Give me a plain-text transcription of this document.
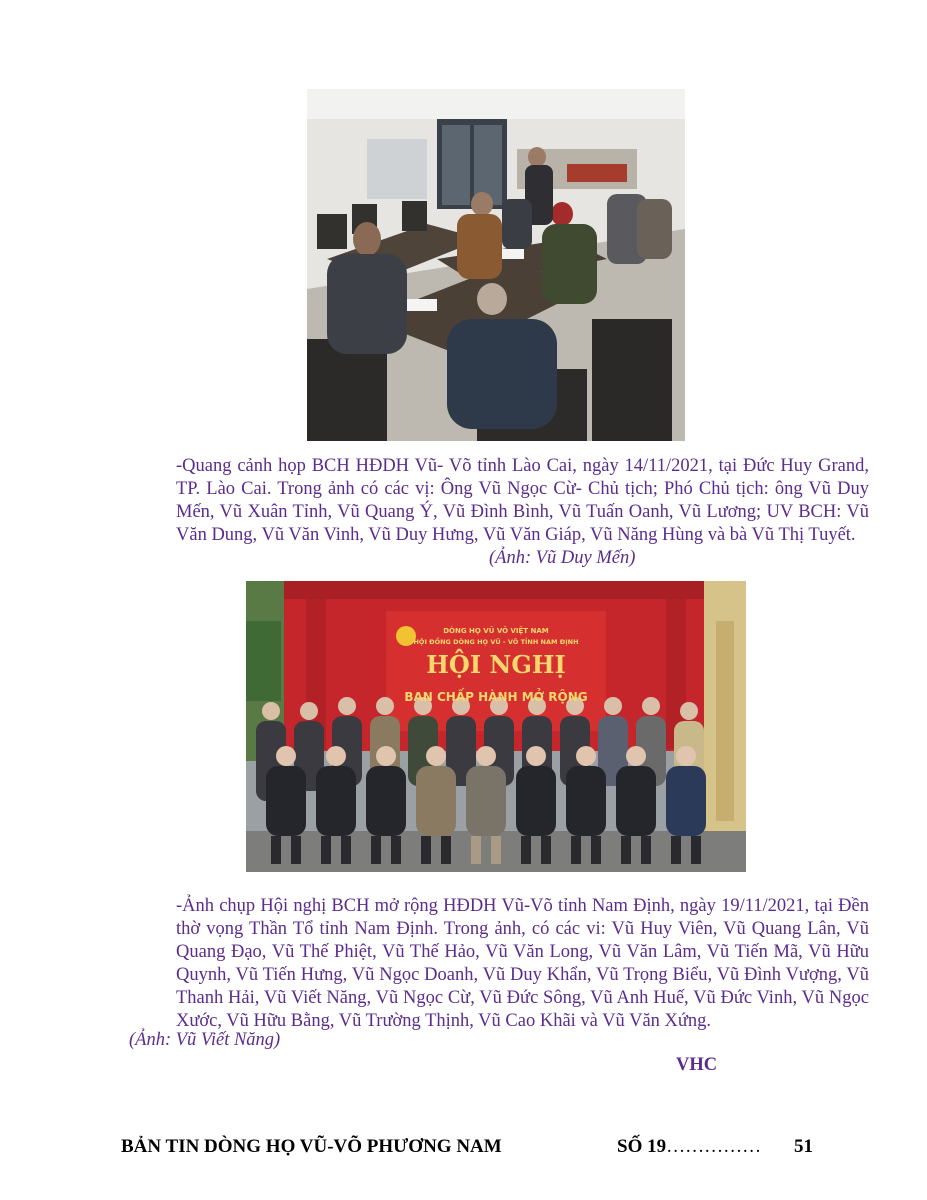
-Quang cảnh họp BCH HĐDH Vũ- Võ tỉnh Lào Cai, ngày 14/11/2021, tại Đức Huy Grand, TP. Lào Cai. Trong ảnh có các vị: Ông Vũ Ngọc Cừ- Chủ tịch; Phó Chủ tịch: ông Vũ Duy Mến, Vũ Xuân Tỉnh, Vũ Quang Ý, Vũ Đình Bình, Vũ Tuấn Oanh, Vũ Lương; UV BCH: Vũ Văn Dung, Vũ Văn Vinh, Vũ Duy Hưng, Vũ Văn Giáp, Vũ Năng Hùng và bà Vũ Thị Tuyết.
(Ảnh: Vũ Duy Mến)
DÒNG HỌ VŨ VÕ VIỆT NAM
HỘI ĐỒNG DÒNG HỌ VŨ - VÕ TỈNH NAM ĐỊNH
HỘI NGHỊ
BAN CHẤP HÀNH MỞ RỘNG
-Ảnh chụp Hội nghị BCH mở rộng HĐDH Vũ-Võ tỉnh Nam Định, ngày 19/11/2021, tại Đền thờ vọng Thần Tổ tỉnh Nam Định. Trong ảnh, có các vi: Vũ Huy Viên, Vũ Quang Lân, Vũ Quang Đạo, Vũ Thế Phiệt, Vũ Thế Hảo, Vũ Văn Long, Vũ Văn Lâm, Vũ Tiến Mã, Vũ Hữu Quynh, Vũ Tiến Hưng, Vũ Ngọc Doanh, Vũ Duy Khẩn, Vũ Trọng Biểu, Vũ Đình Vượng, Vũ Thanh Hải, Vũ Viết Năng, Vũ Ngọc Cừ, Vũ Đức Sông, Vũ Anh Huế, Vũ Đức Vinh, Vũ Ngọc Xước, Vũ Hữu Bằng, Vũ Trường Thịnh, Vũ Cao Khãi và Vũ Văn Xứng.
(Ảnh: Vũ Viết Năng)
VHC
BẢN TIN DÒNG HỌ VŨ-VÕ PHƯƠNG NAM	SỐ 19…………… 51
